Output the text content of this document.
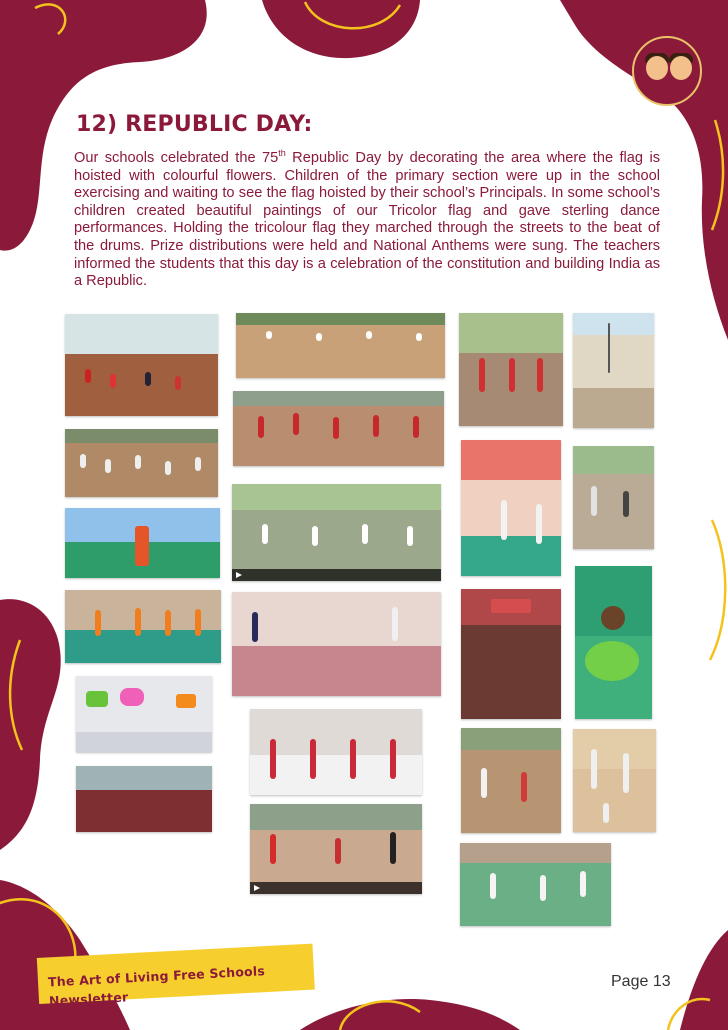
12) REPUBLIC DAY:

Our schools celebrated the 75th Republic Day by decorating the area where the flag is hoisted with colourful flowers. Children of the primary section were up in the school exercising and waiting to see the flag hoisted by their school’s Principals. In some school’s children created beautiful paintings of our Tricolor flag and gave sterling dance performances. Holding the tricolour flag they marched through the streets to the beat of the drums. Prize distributions were held and National Anthems were sung. The teachers informed the students that this day is a celebration of the constitution and building India as a Republic.

The Art of Living Free Schools Newsletter

Page 13
